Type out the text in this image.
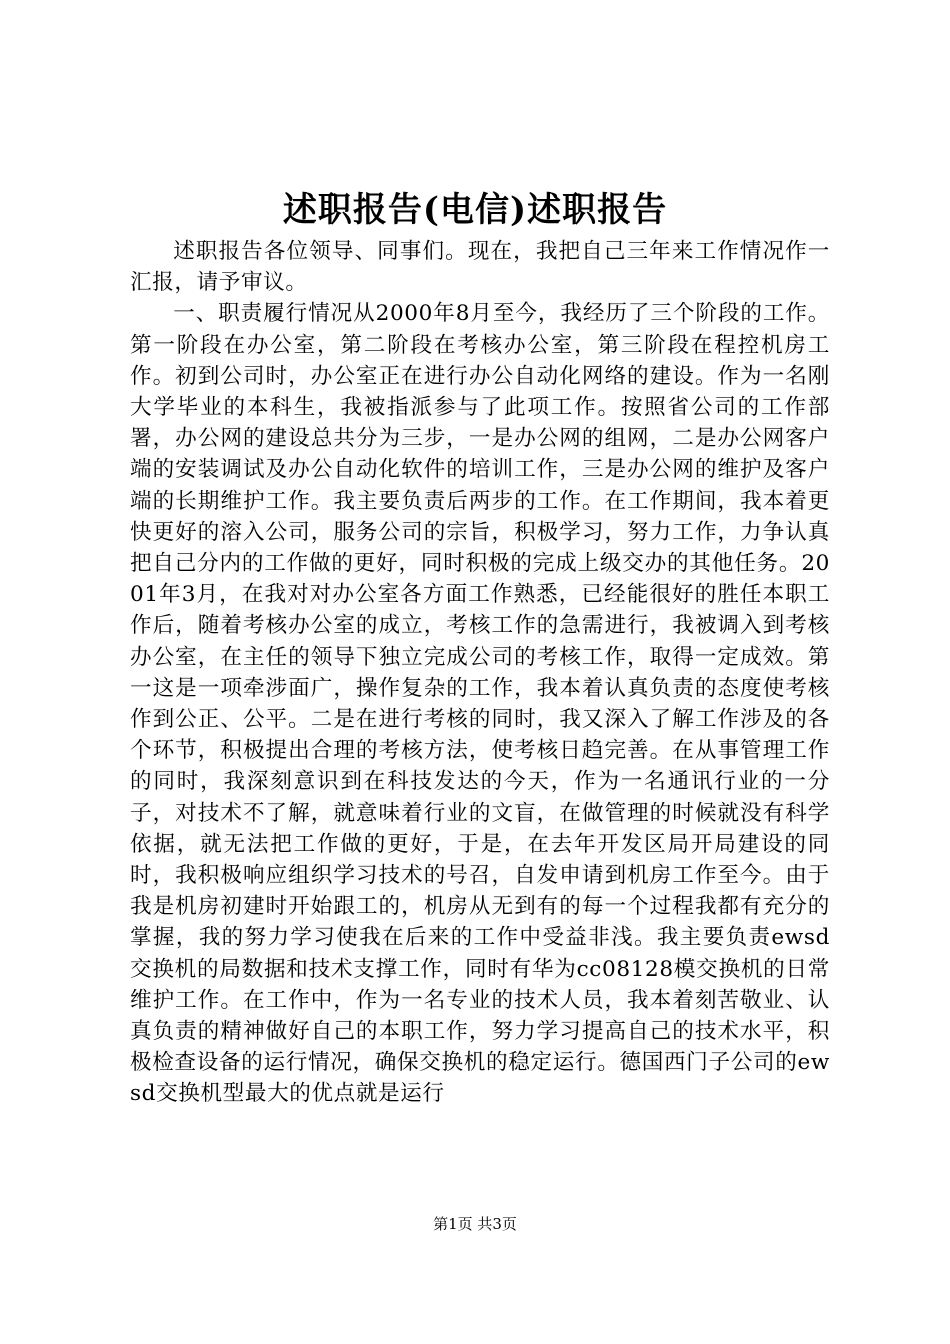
述职报告(电信)述职报告

述职报告各位领导、同事们。现在，我把自己三年来工作情况作一汇报，请予审议。

一、职责履行情况从2000年8月至今，我经历了三个阶段的工作。第一阶段在办公室，第二阶段在考核办公室，第三阶段在程控机房工作。初到公司时，办公室正在进行办公自动化网络的建设。作为一名刚大学毕业的本科生，我被指派参与了此项工作。按照省公司的工作部署，办公网的建设总共分为三步，一是办公网的组网，二是办公网客户端的安装调试及办公自动化软件的培训工作，三是办公网的维护及客户端的长期维护工作。我主要负责后两步的工作。在工作期间，我本着更快更好的溶入公司，服务公司的宗旨，积极学习，努力工作，力争认真把自己分内的工作做的更好，同时积极的完成上级交办的其他任务。2001年3月，在我对对办公室各方面工作熟悉，已经能很好的胜任本职工作后，随着考核办公室的成立，考核工作的急需进行，我被调入到考核办公室，在主任的领导下独立完成公司的考核工作，取得一定成效。第一这是一项牵涉面广，操作复杂的工作，我本着认真负责的态度使考核作到公正、公平。二是在进行考核的同时，我又深入了解工作涉及的各个环节，积极提出合理的考核方法，使考核日趋完善。在从事管理工作的同时，我深刻意识到在科技发达的今天，作为一名通讯行业的一分子，对技术不了解，就意味着行业的文盲，在做管理的时候就没有科学依据，就无法把工作做的更好，于是，在去年开发区局开局建设的同时，我积极响应组织学习技术的号召，自发申请到机房工作至今。由于我是机房初建时开始跟工的，机房从无到有的每一个过程我都有充分的掌握，我的努力学习使我在后来的工作中受益非浅。我主要负责ewsd交换机的局数据和技术支撑工作，同时有华为cc08128模交换机的日常维护工作。在工作中，作为一名专业的技术人员，我本着刻苦敬业、认真负责的精神做好自己的本职工作，努力学习提高自己的技术水平，积极检查设备的运行情况，确保交换机的稳定运行。德国西门子公司的ewsd交换机型最大的优点就是运行

第1页 共3页
